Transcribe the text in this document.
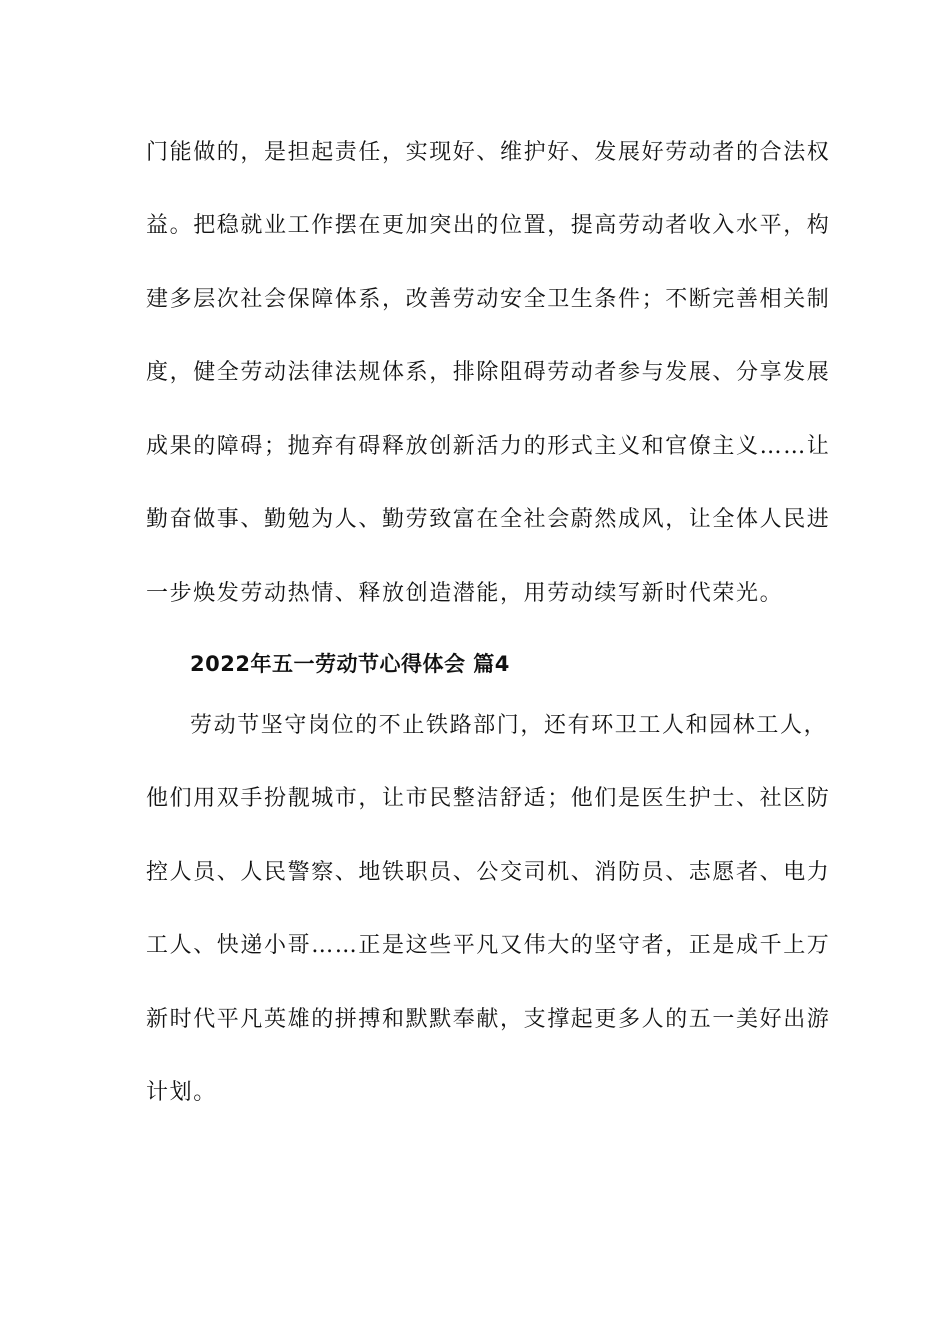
门能做的，是担起责任，实现好、维护好、发展好劳动者的合法权
益。把稳就业工作摆在更加突出的位置，提高劳动者收入水平，构
建多层次社会保障体系，改善劳动安全卫生条件；不断完善相关制
度，健全劳动法律法规体系，排除阻碍劳动者参与发展、分享发展
成果的障碍；抛弃有碍释放创新活力的形式主义和官僚主义……让
勤奋做事、勤勉为人、勤劳致富在全社会蔚然成风，让全体人民进
一步焕发劳动热情、释放创造潜能，用劳动续写新时代荣光。
2022年五一劳动节心得体会 篇4
劳动节坚守岗位的不止铁路部门，还有环卫工人和园林工人，
他们用双手扮靓城市，让市民整洁舒适；他们是医生护士、社区防
控人员、人民警察、地铁职员、公交司机、消防员、志愿者、电力
工人、快递小哥……正是这些平凡又伟大的坚守者，正是成千上万
新时代平凡英雄的拼搏和默默奉献，支撑起更多人的五一美好出游
计划。
